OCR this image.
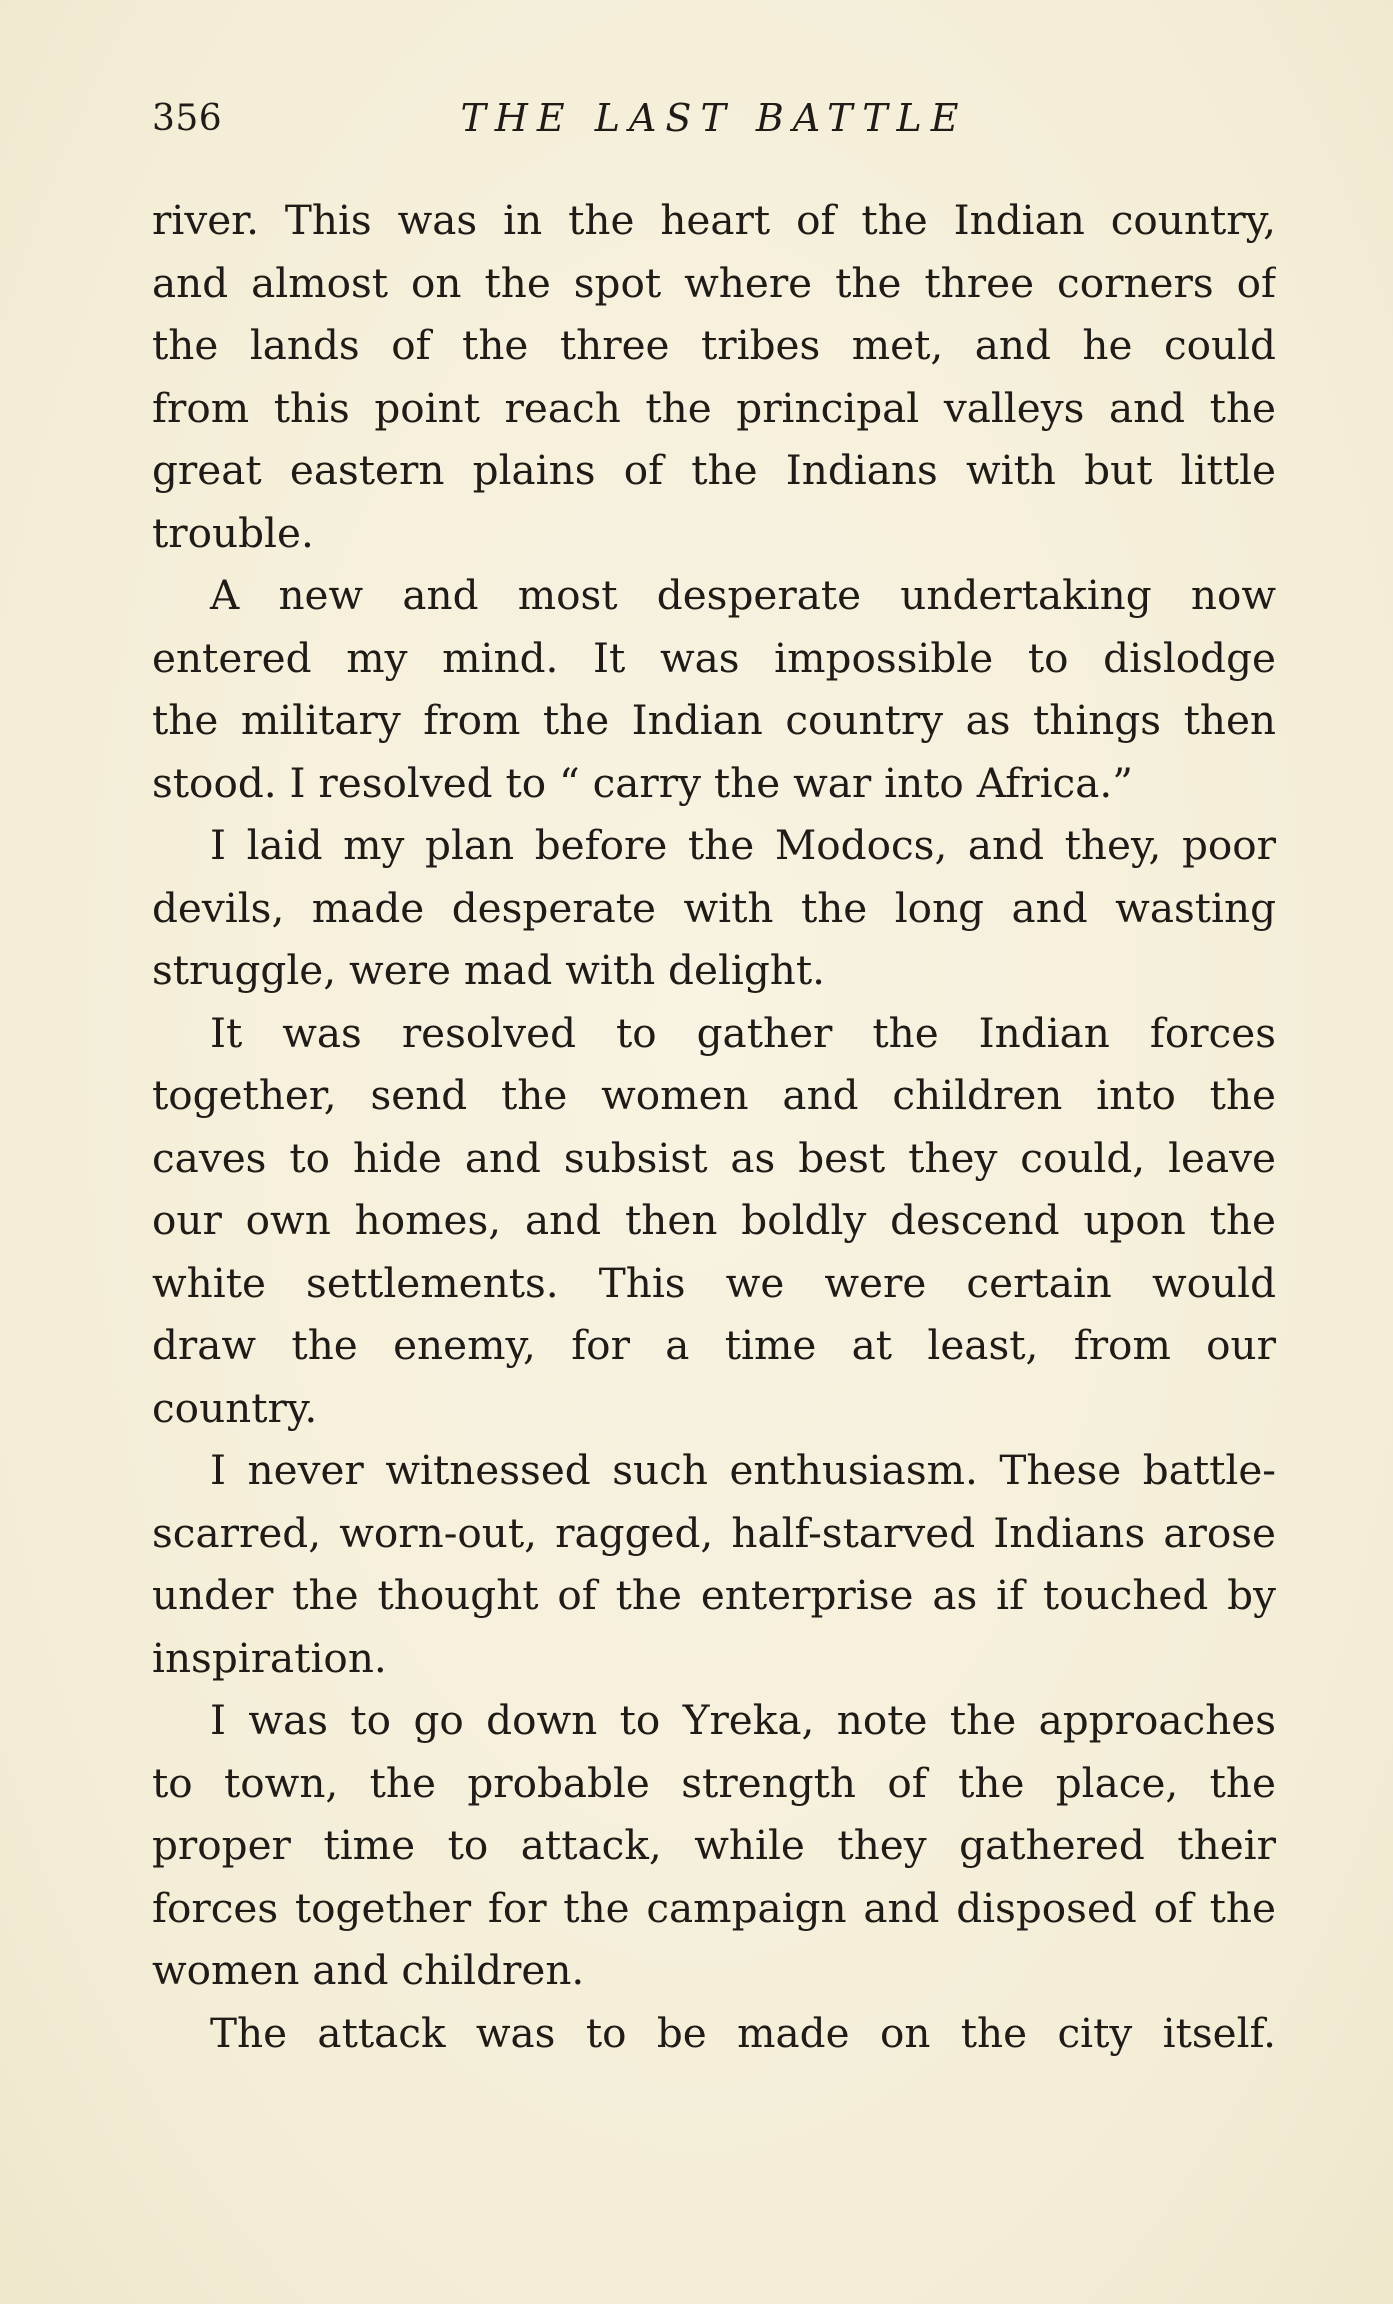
356	THE LAST BATTLE
river. This was in the heart of the Indian country,
and almost on the spot where the three corners of
the lands of the three tribes met, and he could
from this point reach the principal valleys and the
great eastern plains of the Indians with but little
trouble.
A new and most desperate undertaking now
entered my mind. It was impossible to dislodge
the military from the Indian country as things then
stood. I resolved to “ carry the war into Africa.”
I laid my plan before the Modocs, and they, poor
devils, made desperate with the long and wasting
struggle, were mad with delight.
It was resolved to gather the Indian forces
together, send the women and children into the
caves to hide and subsist as best they could, leave
our own homes, and then boldly descend upon the
white settlements. This we were certain would
draw the enemy, for a time at least, from our
country.
I never witnessed such enthusiasm. These battle-
scarred, worn-out, ragged, half-starved Indians arose
under the thought of the enterprise as if touched by
inspiration.
I was to go down to Yreka, note the approaches
to town, the probable strength of the place, the
proper time to attack, while they gathered their
forces together for the campaign and disposed of the
women and children.
The attack was to be made on the city itself.
